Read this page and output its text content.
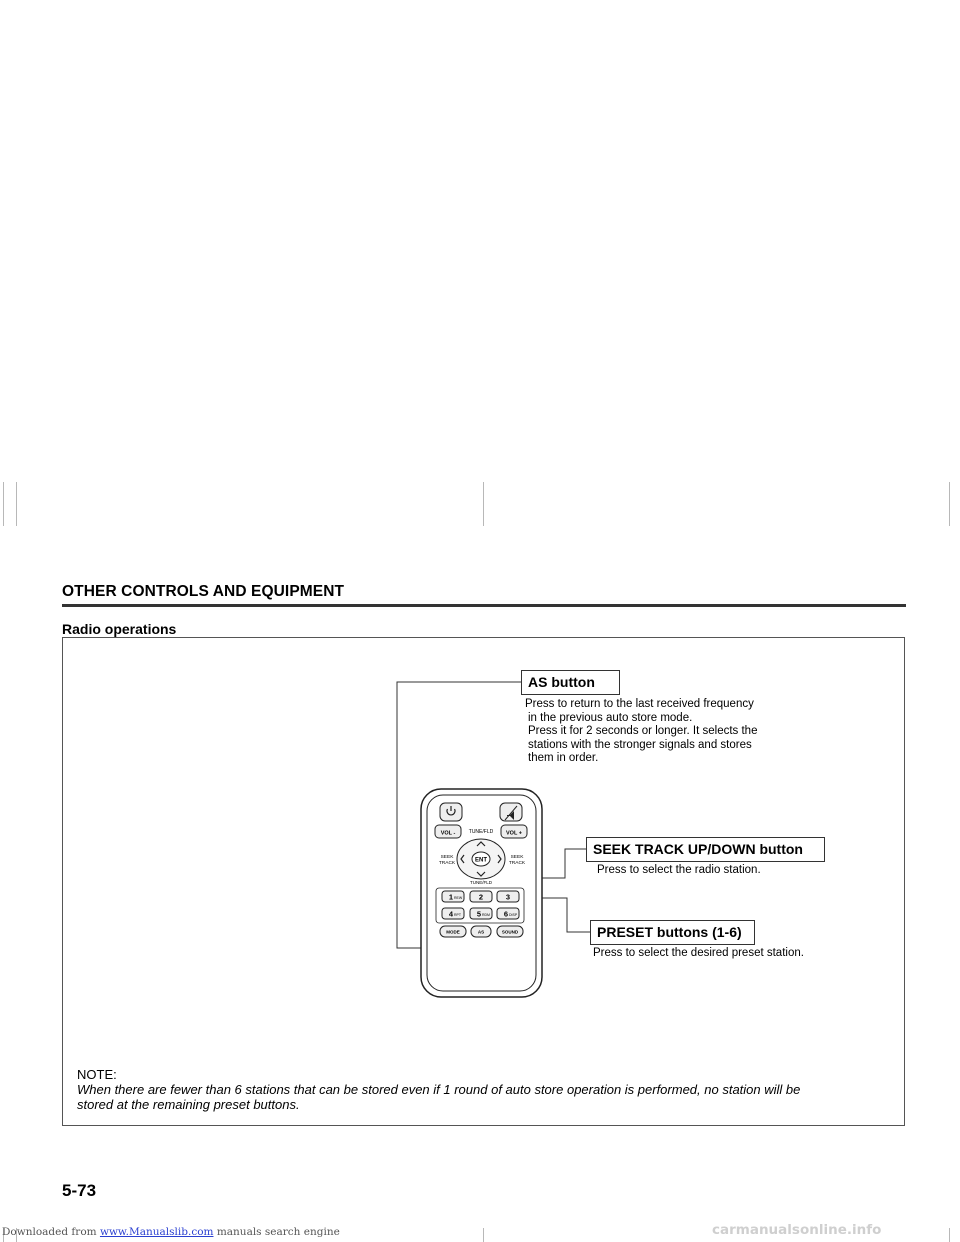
OTHER CONTROLS AND EQUIPMENT
Radio operations
VOL -	VOL +
TUNE/FLD
ENT
SEEK
TRACK
SEEK
TRACK
TUNE/FLD
1 REW 2	3
4 RPT 5 RDM 6 DISP
MODE	AS	SOUND
AS button
Press to return to the last received frequency
in the previous auto store mode.
Press it for 2 seconds or longer. It selects the
stations with the stronger signals and stores
them in order.
SEEK TRACK UP/DOWN button
Press to select the radio station.
PRESET buttons (1-6)
Press to select the desired preset station.
NOTE:
When there are fewer than 6 stations that can be stored even if 1 round of auto store operation is performed, no station will be
stored at the remaining preset buttons.
5-73
Downloaded from www.Manualslib.com manuals search engine	carmanualsonline.info
